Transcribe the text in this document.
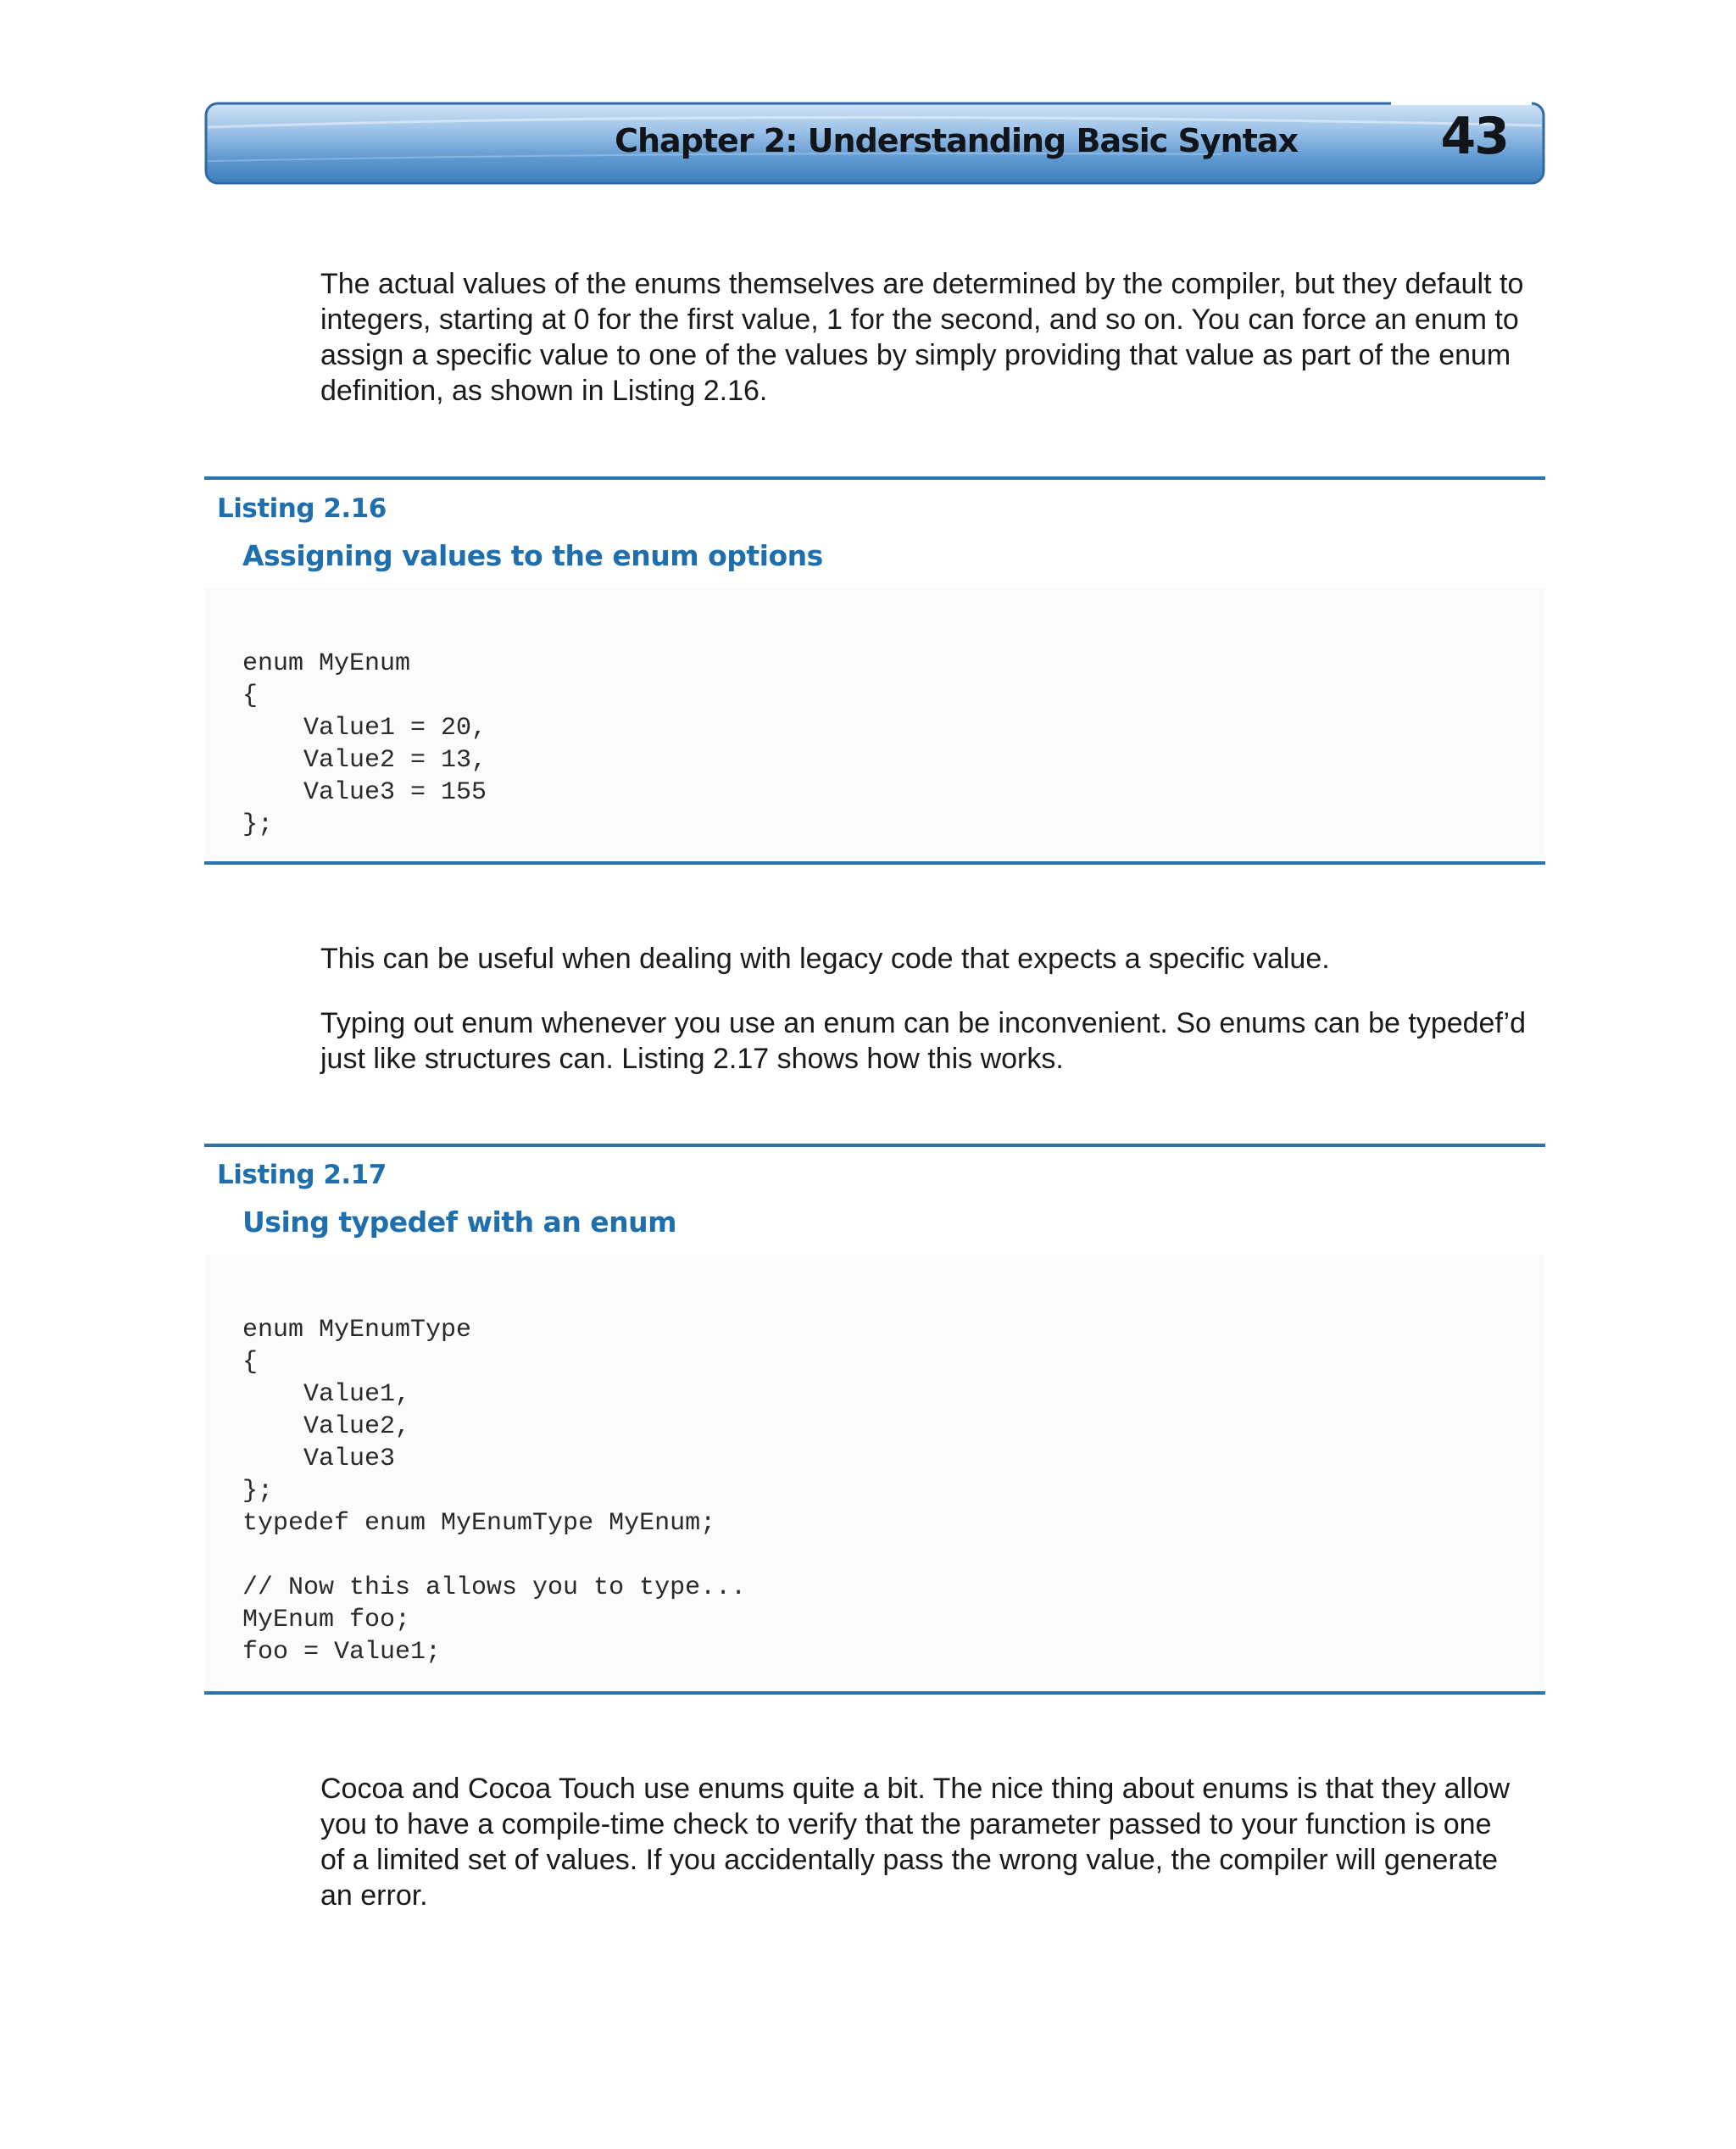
Chapter 2: Understanding Basic Syntax	43

The actual values of the enums themselves are determined by the compiler, but they default to
integers, starting at 0 for the first value, 1 for the second, and so on. You can force an enum to
assign a specific value to one of the values by simply providing that value as part of the enum
definition, as shown in Listing 2.16.

Listing 2.16
Assigning values to the enum options
enum MyEnum
{
Value1 = 20,
Value2 = 13,
Value3 = 155
};

This can be useful when dealing with legacy code that expects a specific value.

Typing out enum whenever you use an enum can be inconvenient. So enums can be typedef’d
just like structures can. Listing 2.17 shows how this works.

Listing 2.17
Using typedef with an enum
enum MyEnumType
{
Value1,
Value2,
Value3
};
typedef enum MyEnumType MyEnum;
// Now this allows you to type...
MyEnum foo;
foo = Value1;

Cocoa and Cocoa Touch use enums quite a bit. The nice thing about enums is that they allow
you to have a compile-time check to verify that the parameter passed to your function is one
of a limited set of values. If you accidentally pass the wrong value, the compiler will generate
an error.
